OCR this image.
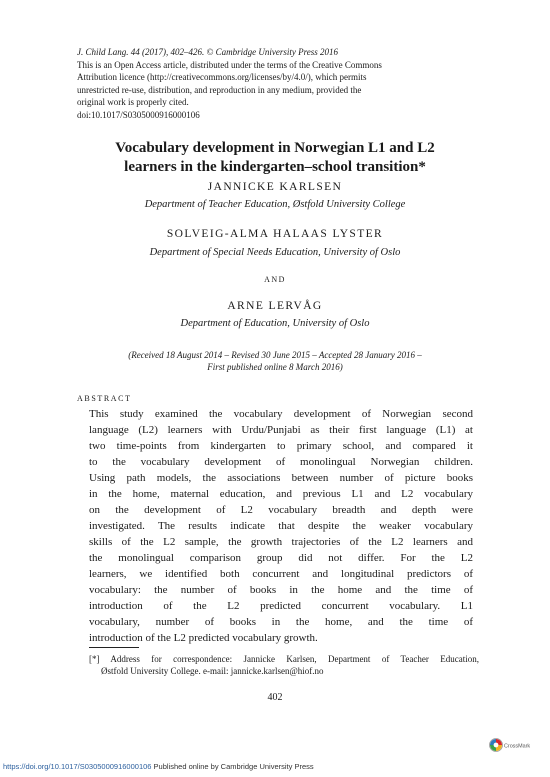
J. Child Lang. 44 (2017), 402–426. © Cambridge University Press 2016
This is an Open Access article, distributed under the terms of the Creative Commons
Attribution licence (http://creativecommons.org/licenses/by/4.0/), which permits
unrestricted re-use, distribution, and reproduction in any medium, provided the
original work is properly cited.
doi:10.1017/S0305000916000106
Vocabulary development in Norwegian L1 and L2
learners in the kindergarten–school transition*
JANNICKE KARLSEN
Department of Teacher Education, Østfold University College
SOLVEIG-ALMA HALAAS LYSTER
Department of Special Needs Education, University of Oslo
AND
ARNE LERVÅG
Department of Education, University of Oslo
(Received 18 August 2014 – Revised 30 June 2015 – Accepted 28 January 2016 –
First published online 8 March 2016)
ABSTRACT
This study examined the vocabulary development of Norwegian second
language (L2) learners with Urdu/Punjabi as their first language (L1) at
two time-points from kindergarten to primary school, and compared it
to the vocabulary development of monolingual Norwegian children.
Using path models, the associations between number of picture books
in the home, maternal education, and previous L1 and L2 vocabulary
on the development of L2 vocabulary breadth and depth were
investigated. The results indicate that despite the weaker vocabulary
skills of the L2 sample, the growth trajectories of the L2 learners and
the monolingual comparison group did not differ. For the L2
learners, we identified both concurrent and longitudinal predictors of
vocabulary: the number of books in the home and the time of
introduction of the L2 predicted concurrent vocabulary. L1
vocabulary, number of books in the home, and the time of
introduction of the L2 predicted vocabulary growth.
[*] Address for correspondence: Jannicke Karlsen, Department of Teacher Education,
Østfold University College. e-mail: jannicke.karlsen@hiof.no
402
https://doi.org/10.1017/S0305000916000106 Published online by Cambridge University Press
CrossMark
